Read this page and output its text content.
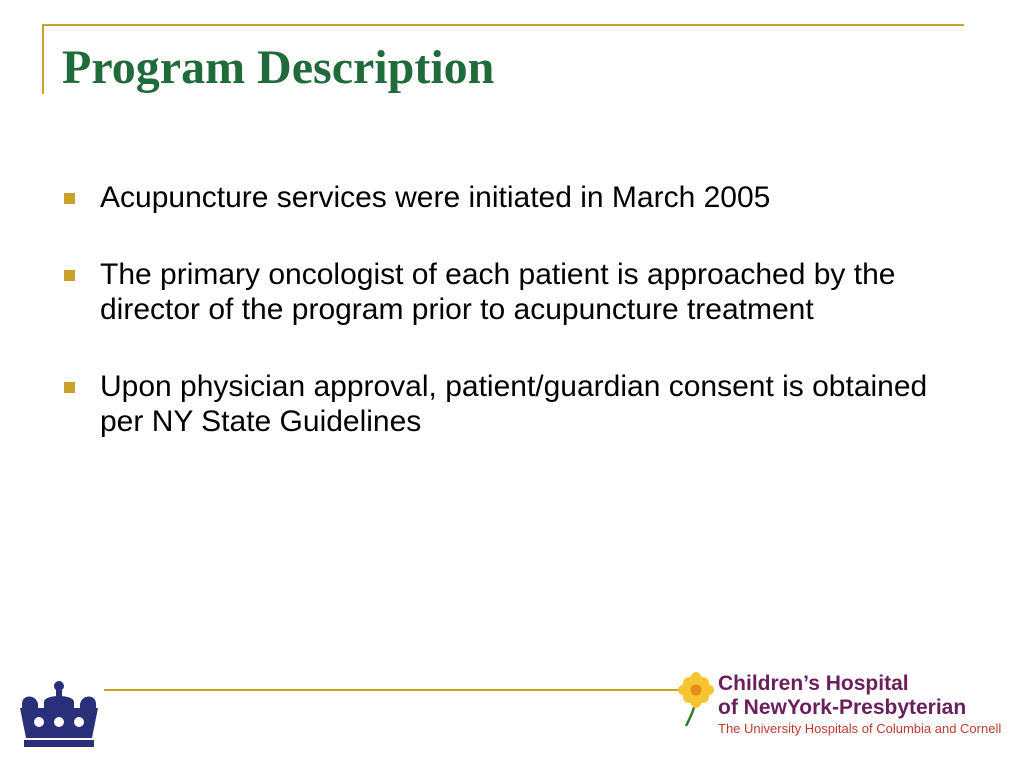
Program Description
Acupuncture services were initiated in March 2005
The primary oncologist of each patient is approached by the director of the program prior to acupuncture treatment
Upon physician approval, patient/guardian consent is obtained per NY State Guidelines
Children’s Hospital
of NewYork-Presbyterian
The University Hospitals of Columbia and Cornell
